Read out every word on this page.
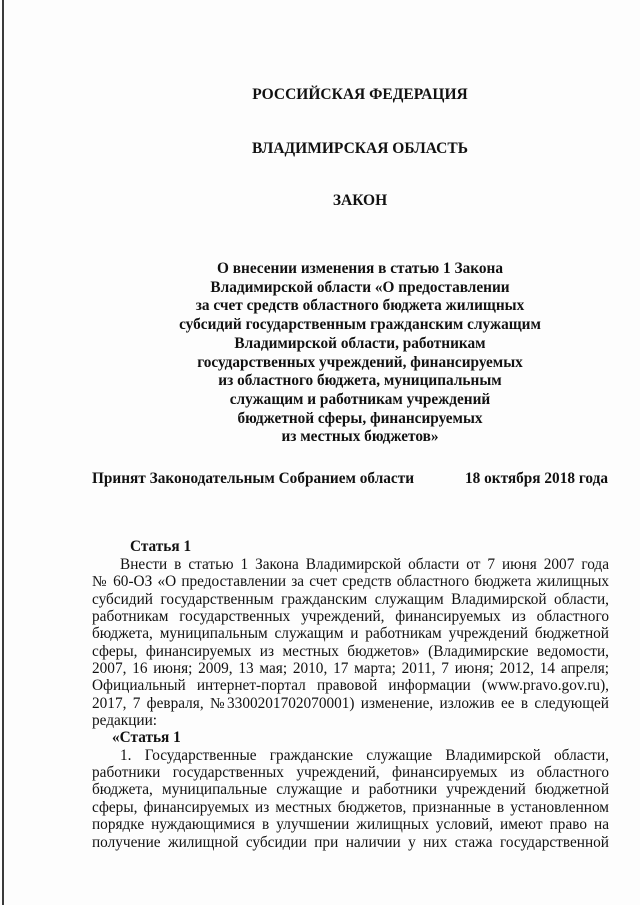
РОССИЙСКАЯ ФЕДЕРАЦИЯ
ВЛАДИМИРСКАЯ ОБЛАСТЬ
ЗАКОН
О внесении изменения в статью 1 Закона
Владимирской области «О предоставлении
за счет средств областного бюджета жилищных
субсидий государственным гражданским служащим
Владимирской области, работникам
государственных учреждений, финансируемых
из областного бюджета, муниципальным
служащим и работникам учреждений
бюджетной сферы, финансируемых
из местных бюджетов»
Принят Законодательным Собранием области	18 октября 2018 года
Статья 1
Внести в статью 1 Закона Владимирской области от 7 июня 2007 года
№ 60-ОЗ «О предоставлении за счет средств областного бюджета жилищных
субсидий государственным гражданским служащим Владимирской области,
работникам государственных учреждений, финансируемых из областного
бюджета, муниципальным служащим и работникам учреждений бюджетной
сферы, финансируемых из местных бюджетов» (Владимирские ведомости,
2007, 16 июня; 2009, 13 мая; 2010, 17 марта; 2011, 7 июня; 2012, 14 апреля;
Официальный интернет-портал правовой информации (www.pravo.gov.ru),
2017, 7 февраля, №3300201702070001) изменение, изложив ее в следующей
редакции:
«Статья 1
1. Государственные гражданские служащие Владимирской области,
работники государственных учреждений, финансируемых из областного
бюджета, муниципальные служащие и работники учреждений бюджетной
сферы, финансируемых из местных бюджетов, признанные в установленном
порядке нуждающимися в улучшении жилищных условий, имеют право на
получение жилищной субсидии при наличии у них стажа государственной
